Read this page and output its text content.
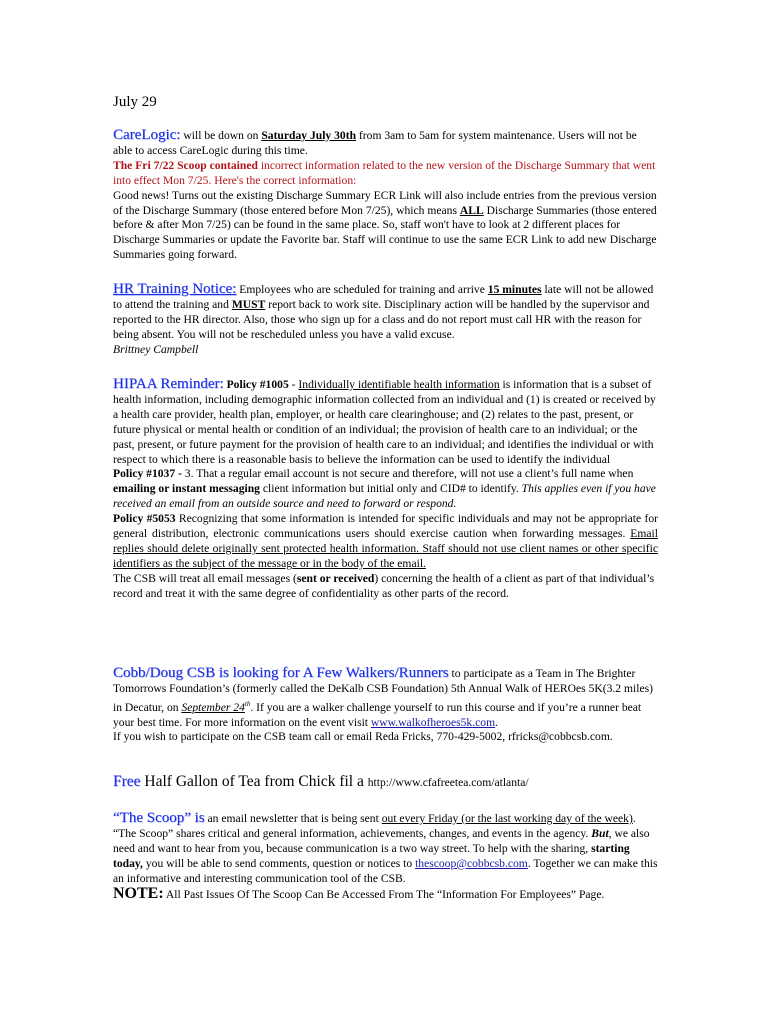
July 29
CareLogic: will be down on Saturday July 30th from 3am to 5am for system maintenance. Users will not be able to access CareLogic during this time.
The Fri 7/22 Scoop contained incorrect information related to the new version of the Discharge Summary that went into effect Mon 7/25. Here's the correct information:
Good news! Turns out the existing Discharge Summary ECR Link will also include entries from the previous version of the Discharge Summary (those entered before Mon 7/25), which means ALL Discharge Summaries (those entered before & after Mon 7/25) can be found in the same place. So, staff won't have to look at 2 different places for Discharge Summaries or update the Favorite bar. Staff will continue to use the same ECR Link to add new Discharge Summaries going forward.
HR Training Notice: Employees who are scheduled for training and arrive 15 minutes late will not be allowed to attend the training and MUST report back to work site. Disciplinary action will be handled by the supervisor and reported to the HR director. Also, those who sign up for a class and do not report must call HR with the reason for being absent. You will not be rescheduled unless you have a valid excuse.
Brittney Campbell
HIPAA Reminder: Policy #1005 - Individually identifiable health information is information that is a subset of health information, including demographic information collected from an individual and (1) is created or received by a health care provider, health plan, employer, or health care clearinghouse; and (2) relates to the past, present, or future physical or mental health or condition of an individual; the provision of health care to an individual; or the past, present, or future payment for the provision of health care to an individual; and identifies the individual or with respect to which there is a reasonable basis to believe the information can be used to identify the individual
Policy #1037 - 3. That a regular email account is not secure and therefore, will not use a client’s full name when emailing or instant messaging client information but initial only and CID# to identify. This applies even if you have received an email from an outside source and need to forward or respond.

Policy #5053 Recognizing that some information is intended for specific individuals and may not be appropriate for general distribution, electronic communications users should exercise caution when forwarding messages. Email replies should delete originally sent protected health information. Staff should not use client names or other specific identifiers as the subject of the message or in the body of the email.
The CSB will treat all email messages (sent or received) concerning the health of a client as part of that individual’s record and treat it with the same degree of confidentiality as other parts of the record.
Cobb/Doug CSB is looking for A Few Walkers/Runners to participate as a Team in The Brighter Tomorrows Foundation’s (formerly called the DeKalb CSB Foundation) 5th Annual Walk of HEROes 5K(3.2 miles) in Decatur, on September 24th. If you are a walker challenge yourself to run this course and if you’re a runner beat your best time. For more information on the event visit www.walkofheroes5k.com.
If you wish to participate on the CSB team call or email Reda Fricks, 770-429-5002, rfricks@cobbcsb.com.
Free Half Gallon of Tea from Chick fil a http://www.cfafreetea.com/atlanta/
“The Scoop” is an email newsletter that is being sent out every Friday (or the last working day of the week). “The Scoop” shares critical and general information, achievements, changes, and events in the agency. But, we also need and want to hear from you, because communication is a two way street. To help with the sharing, starting today, you will be able to send comments, question or notices to thescoop@cobbcsb.com. Together we can make this an informative and interesting communication tool of the CSB.
NOTE: All Past Issues Of The Scoop Can Be Accessed From The “Information For Employees” Page.
